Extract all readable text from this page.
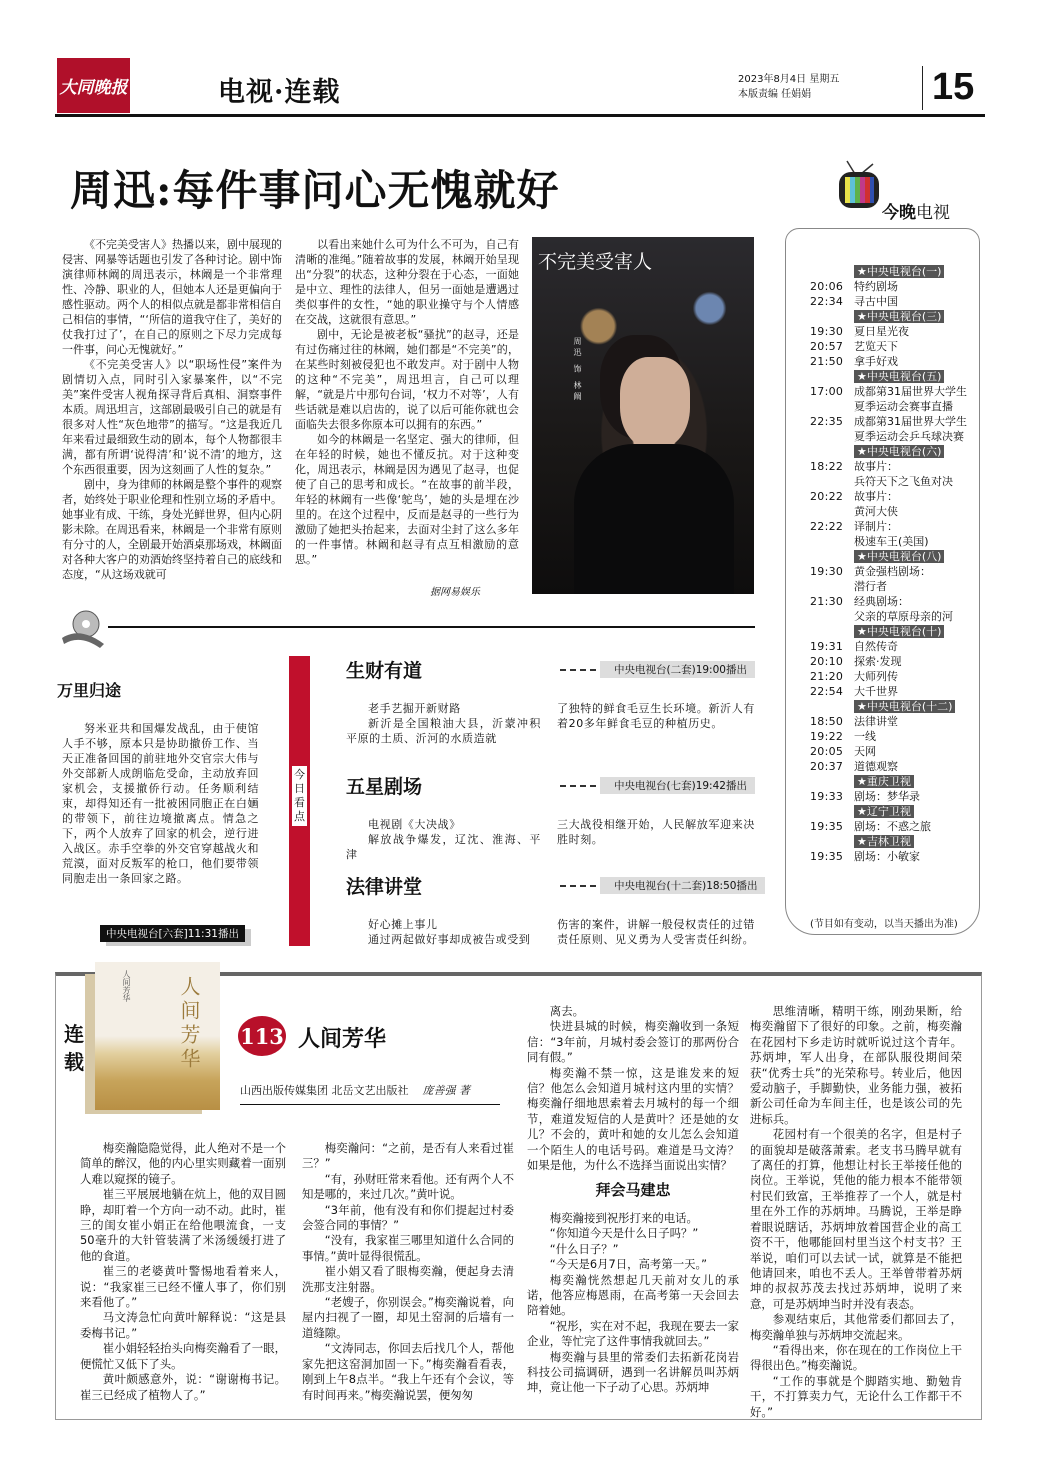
大同晚报	电视·连载	2023年8月4日 星期五
本版责编 任娟娟	15
周迅:每件事问心无愧就好

《不完美受害人》热播以来，剧中展现的侵害、网暴等话题也引发了各种讨论。剧中饰演律师林阚的周迅表示，林阚是一个非常理性、冷静、职业的人，但她本人还是更偏向于感性驱动。两个人的相似点就是都非常相信自己相信的事情，“‘所信的道我守住了，美好的仗我打过了’，在自己的原则之下尽力完成每一件事，问心无愧就好。”

《不完美受害人》以“职场性侵”案件为剧情切入点，同时引入家暴案件，以“不完美”案件受害人视角探寻背后真相、洞察事件本质。周迅坦言，这部剧最吸引自己的就是有很多对人性“灰色地带”的描写。“这是我近几年来看过最细致生动的剧本，每个人物都很丰满，都有所谓‘说得清’和‘说不清’的地方，这个东西很重要，因为这刻画了人性的复杂。”

剧中，身为律师的林阚是整个事件的观察者，始终处于职业伦理和性别立场的矛盾中。她事业有成、干练，身处光鲜世界，但内心阴影未除。在周迅看来，林阚是一个非常有原则有分寸的人，全剧最开始酒桌那场戏，林阚面对各种大客户的劝酒始终坚持着自己的底线和态度，“从这场戏就可

以看出来她什么可为什么不可为，自己有清晰的准绳。”随着故事的发展，林阚开始呈现出“分裂”的状态，这种分裂在于心态，一面她是中立、理性的法律人，但另一面她是遭遇过类似事件的女性，“她的职业操守与个人情感在交战，这就很有意思。”

剧中，无论是被老板“骚扰”的赵寻，还是有过伤痛过往的林阚，她们都是“不完美”的，在某些时刻被侵犯也不敢发声。对于剧中人物的这种“不完美”，周迅坦言，自己可以理解，“就是片中那句台词，‘权力不对等’，人有些话就是难以启齿的，说了以后可能你就也会面临失去很多你原本可以拥有的东西。”

如今的林阚是一名坚定、强大的律师，但在年轻的时候，她也不懂反抗。对于这种变化，周迅表示，林阚是因为遇见了赵寻，也促使了自己的思考和成长。“在故事的前半段，年轻的林阚有一些像‘鸵鸟’，她的头是埋在沙里的。在这个过程中，反而是赵寻的一些行为激励了她把头抬起来，去面对尘封了这么多年的一件事情。林阚和赵寻有点互相激励的意思。”

据网易娱乐
不完美受害人
周迅 饰 林阚
今晚电视
★中央电视台(一)
20:06 特约剧场
22:34 寻古中国
★中央电视台(三)
19:30 夏日星光夜
20:57 艺览天下
21:50 拿手好戏
★中央电视台(五)
17:00 成都第31届世界大学生夏季运动会赛事直播
22:35 成都第31届世界大学生夏季运动会乒乓球决赛
★中央电视台(六)
18:22 故事片：
兵符天下之飞鱼对决
20:22 故事片：
黄河大侠
22:22 译制片：
极速车王(美国)
★中央电视台(八)
19:30 黄金强档剧场：
潜行者
21:30 经典剧场：
父亲的草原母亲的河
★中央电视台(十)
19:31 自然传奇
20:10 探索·发现
21:20 大师列传
22:54 大千世界
★中央电视台(十二)
18:50 法律讲堂
19:22 一线
20:05 天网
20:37 道德观察
★重庆卫视
19:33 剧场：梦华录
★辽宁卫视
19:35 剧场：不惑之旅
★吉林卫视
19:35 剧场：小敏家
(节目如有变动，以当天播出为准)
万里归途

努米亚共和国爆发战乱，由于使馆人手不够，原本只是协助撤侨工作、当天正准备回国的前驻地外交官宗大伟与外交部新人成朗临危受命，主动放弃回家机会，支援撤侨行动。任务顺利结束，却得知还有一批被困同胞正在白婳的带领下，前往边境撤离点。情急之下，两个人放弃了回家的机会，逆行进入战区。赤手空拳的外交官穿越战火和荒漠，面对反叛军的枪口，他们要带领同胞走出一条回家之路。

中央电视台[六套]11:31播出
今日看点
生财有道	中央电视台(二套)19:00播出
老手艺掘开新财路
新沂是全国粮油大县，沂蒙冲积平原的土质、沂河的水质造就
了独特的鲜食毛豆生长环境。新沂人有着20多年鲜食毛豆的种植历史。
五星剧场	中央电视台(七套)19:42播出
电视剧《大决战》
解放战争爆发，辽沈、淮海、平津
三大战役相继开始，人民解放军迎来决胜时刻。
法律讲堂	中央电视台(十二套)18:50播出
好心摊上事儿
通过两起做好事却成被告或受到
伤害的案件，讲解一般侵权责任的过错责任原则、见义勇为人受害责任纠纷。
连载
人间芳华 人间芳华 113 人间芳华
山西出版传媒集团 北岳文艺出版社 庞善强 著

梅奕瀚隐隐觉得，此人绝对不是一个简单的醉汉，他的内心里实则藏着一面别人难以窥探的镜子。

崔三平展展地躺在炕上，他的双目圆睁，却盯着一个方向一动不动。此时，崔三的闺女崔小娟正在给他喂流食，一支50毫升的大针管装满了米汤缓缓打进了他的食道。

崔三的老婆黄叶警惕地看着来人，说：“我家崔三已经不懂人事了，你们别来看他了。”

马文涛急忙向黄叶解释说：“这是县委梅书记。”

崔小娟轻轻抬头向梅奕瀚看了一眼，便慌忙又低下了头。

黄叶颇感意外，说：“谢谢梅书记。崔三已经成了植物人了。”

梅奕瀚问：“之前，是否有人来看过崔三？”

“有，孙财旺常来看他。还有两个人不知是哪的，来过几次。”黄叶说。

“3年前，他有没有和你们提起过村委会签合同的事情？”

“没有，我家崔三哪里知道什么合同的事情。”黄叶显得很慌乱。

崔小娟又看了眼梅奕瀚，便起身去清洗那支注射器。

“老嫂子，你别误会。”梅奕瀚说着，向屋内扫视了一圈，却见土窑洞的后墙有一道缝隙。

“文涛同志，你回去后找几个人，帮他家先把这窑洞加固一下。”梅奕瀚看看表，刚到上午8点半。“我上午还有个会议，等有时间再来。”梅奕瀚说罢，便匆匆

离去。

快进县城的时候，梅奕瀚收到一条短信：“3年前，月城村委会签订的那两份合同有假。”

梅奕瀚不禁一惊，这是谁发来的短信？他怎么会知道月城村这内里的实情？梅奕瀚仔细地思索着去月城村的每一个细节，难道发短信的人是黄叶？还是她的女儿？不会的，黄叶和她的女儿怎么会知道一个陌生人的电话号码。难道是马文涛？如果是他，为什么不选择当面说出实情？

拜会马建忠

梅奕瀚接到祝彤打来的电话。

“你知道今天是什么日子吗？”

“什么日子？”

“今天是6月7日，高考第一天。”

梅奕瀚恍然想起几天前对女儿的承诺，他答应梅恩雨，在高考第一天会回去陪着她。

“祝彤，实在对不起，我现在要去一家企业，等忙完了这件事情我就回去。”

梅奕瀚与县里的常委们去拓新花岗岩科技公司搞调研，遇到一名讲解员叫苏炳坤，竟让他一下子动了心思。苏炳坤

思维清晰，精明干练，刚劲果断，给梅奕瀚留下了很好的印象。之前，梅奕瀚在花园村下乡走访时就听说过这个青年。苏炳坤，军人出身，在部队服役期间荣获“优秀士兵”的光荣称号。转业后，他因爱动脑子，手脚勤快，业务能力强，被拓新公司任命为车间主任，也是该公司的先进标兵。

花园村有一个很美的名字，但是村子的面貌却是破落萧索。老支书马腾早就有了离任的打算，他想让村长王举接任他的岗位。王举说，凭他的能力根本不能带领村民们致富，王举推荐了一个人，就是村里在外工作的苏炳坤。马腾说，王举是睁着眼说瞎话，苏炳坤放着国营企业的高工资不干，他哪能回村里当这个村支书？王举说，咱们可以去试一试，就算是不能把他请回来，咱也不丢人。王举曾带着苏炳坤的叔叔苏茂去找过苏炳坤，说明了来意，可是苏炳坤当时并没有表态。

参观结束后，其他常委们都回去了，梅奕瀚单独与苏炳坤交流起来。

“看得出来，你在现在的工作岗位上干得很出色。”梅奕瀚说。

“工作的事就是个脚踏实地、勤勉肯干，不打算卖力气，无论什么工作都干不好。”
